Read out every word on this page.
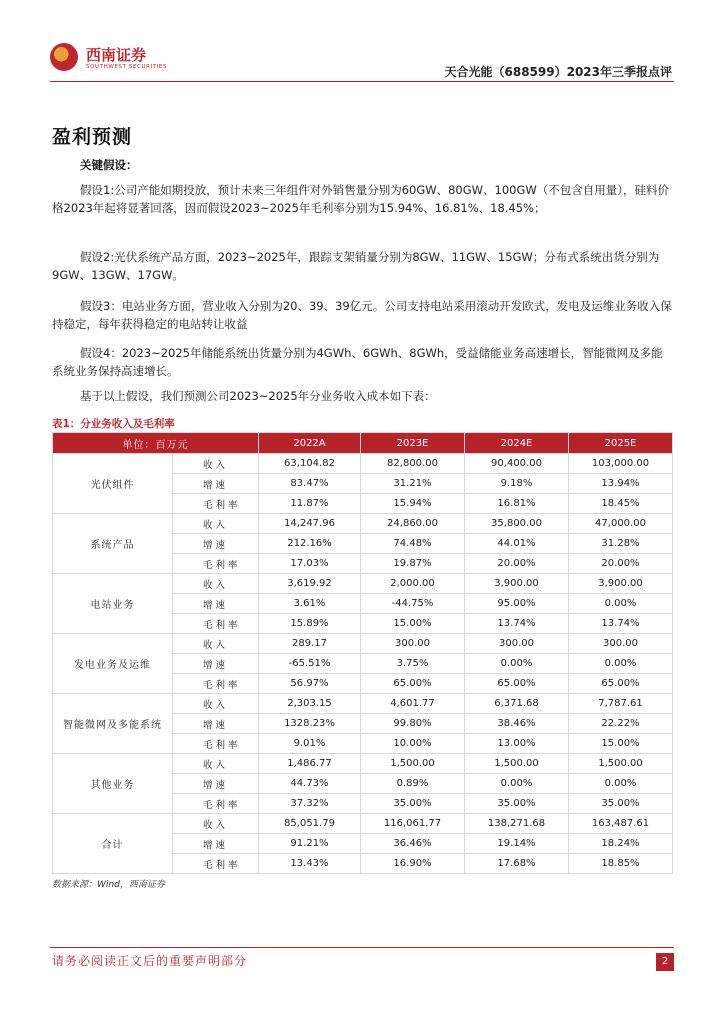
西南证券
SOUTHWEST SECURITIES	天合光能（688599）2023年三季报点评
盈利预测
关键假设：

假设1:公司产能如期投放，预计未来三年组件对外销售量分别为60GW、80GW、100GW（不包含自用量），硅料价格2023年起将显著回落，因而假设2023~2025年毛利率分别为15.94%、16.81%、18.45%；

假设2:光伏系统产品方面，2023~2025年，跟踪支架销量分别为8GW、11GW、15GW；分布式系统出货分别为9GW、13GW、17GW。

假设3：电站业务方面，营业收入分别为20、39、39亿元。公司支持电站采用滚动开发欧式，发电及运维业务收入保持稳定，每年获得稳定的电站转让收益

假设4：2023~2025年储能系统出货量分别为4GWh、6GWh、8GWh，受益储能业务高速增长，智能微网及多能系统业务保持高速增长。

基于以上假设，我们预测公司2023~2025年分业务收入成本如下表：

表1：分业务收入及毛利率
单位：百万元		2022A	2023E	2024E	2025E
光伏组件	收入	63,104.82	82,800.00	90,400.00	103,000.00
	增速	83.47%	31.21%	9.18%	13.94%
	毛利率	11.87%	15.94%	16.81%	18.45%
系统产品	收入	14,247.96	24,860.00	35,800.00	47,000.00
	增速	212.16%	74.48%	44.01%	31.28%
	毛利率	17.03%	19.87%	20.00%	20.00%
电站业务	收入	3,619.92	2,000.00	3,900.00	3,900.00
	增速	3.61%	-44.75%	95.00%	0.00%
	毛利率	15.89%	15.00%	13.74%	13.74%
发电业务及运维	收入	289.17	300.00	300.00	300.00
	增速	-65.51%	3.75%	0.00%	0.00%
	毛利率	56.97%	65.00%	65.00%	65.00%
智能微网及多能系统	收入	2,303.15	4,601.77	6,371.68	7,787.61
	增速	1328.23%	99.80%	38.46%	22.22%
	毛利率	9.01%	10.00%	13.00%	15.00%
其他业务	收入	1,486.77	1,500.00	1,500.00	1,500.00
	增速	44.73%	0.89%	0.00%	0.00%
	毛利率	37.32%	35.00%	35.00%	35.00%
合计	收入	85,051.79	116,061.77	138,271.68	163,487.61
	增速	91.21%	36.46%	19.14%	18.24%
	毛利率	13.43%	16.90%	17.68%	18.85%
数据来源：Wind，西南证券
请务必阅读正文后的重要声明部分	2
